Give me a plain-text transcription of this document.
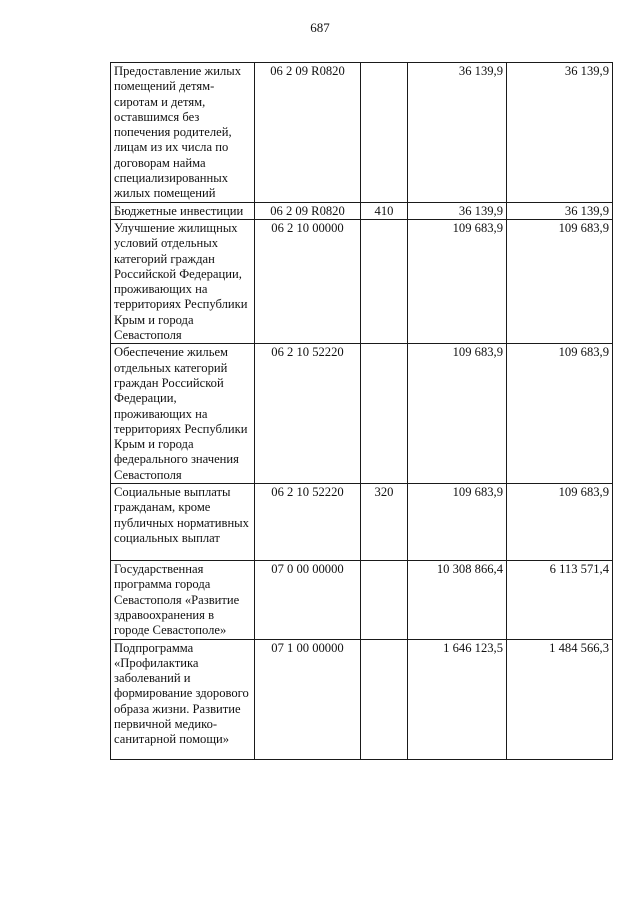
687
Предоставление жилых помещений детям-сиротам и детям, оставшимся без попечения родителей, лицам из их числа по договорам найма специализированных жилых помещений	06 2 09 R0820		36 139,9	36 139,9
Бюджетные инвестиции	06 2 09 R0820	410	36 139,9	36 139,9
Улучшение жилищных условий отдельных категорий граждан Российской Федерации, проживающих на территориях Республики Крым и города Севастополя	06 2 10 00000		109 683,9	109 683,9
Обеспечение жильем отдельных категорий граждан Российской Федерации, проживающих на территориях Республики Крым и города федерального значения Севастополя	06 2 10 52220		109 683,9	109 683,9
Социальные выплаты гражданам, кроме публичных нормативных социальных выплат	06 2 10 52220	320	109 683,9	109 683,9
Государственная программа города Севастополя «Развитие здравоохранения в городе Севастополе»	07 0 00 00000		10 308 866,4	6 113 571,4
Подпрограмма «Профилактика заболеваний и формирование здорового образа жизни. Развитие первичной медико-санитарной помощи»	07 1 00 00000		1 646 123,5	1 484 566,3
